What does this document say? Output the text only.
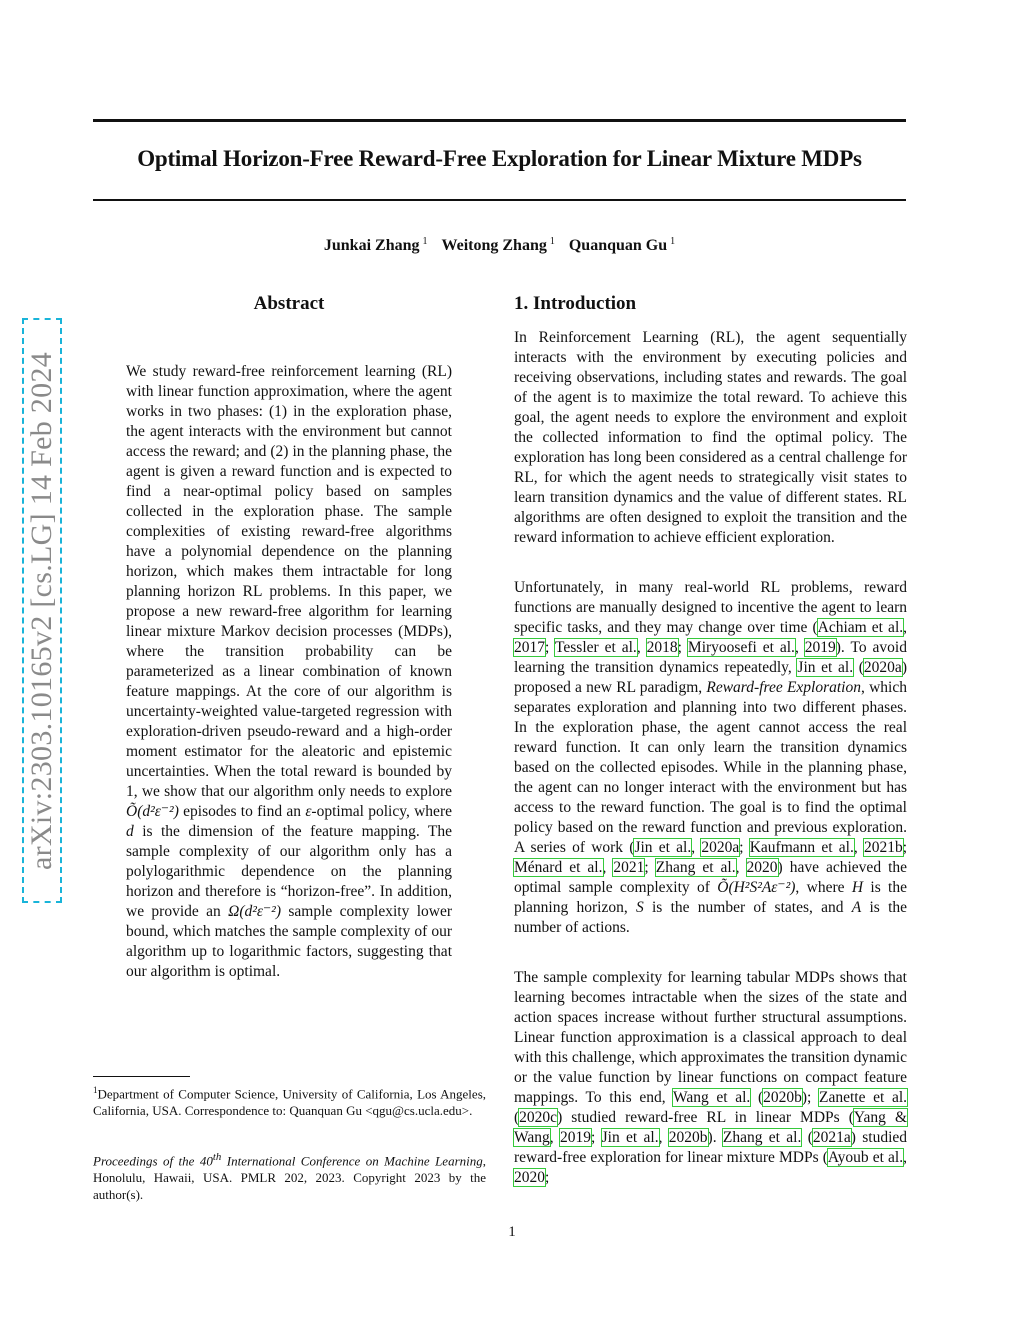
Optimal Horizon-Free Reward-Free Exploration for Linear Mixture MDPs
Junkai Zhang $^1$ Weitong Zhang $^1$ Quanquan Gu $^1$
arXiv:2303.10165v2 [cs.LG] 14 Feb 2024
Abstract

We study reward-free reinforcement learning (RL) with linear function approximation, where the agent works in two phases: (1) in the exploration phase, the agent interacts with the environment but cannot access the reward; and (2) in the planning phase, the agent is given a reward function and is expected to find a near-optimal policy based on samples collected in the exploration phase. The sample complexities of existing reward-free algorithms have a polynomial dependence on the planning horizon, which makes them intractable for long planning horizon RL problems. In this paper, we propose a new reward-free algorithm for learning linear mixture Markov decision processes (MDPs), where the transition probability can be parameterized as a linear combination of known feature mappings. At the core of our algorithm is uncertainty-weighted value-targeted regression with exploration-driven pseudo-reward and a high-order moment estimator for the aleatoric and epistemic uncertainties. When the total reward is bounded by 1, we show that our algorithm only needs to explore Õ(d²ε⁻²) episodes to find an ε-optimal policy, where d is the dimension of the feature mapping. The sample complexity of our algorithm only has a polylogarithmic dependence on the planning horizon and therefore is “horizon-free”. In addition, we provide an Ω(d²ε⁻²) sample complexity lower bound, which matches the sample complexity of our algorithm up to logarithmic factors, suggesting that our algorithm is optimal.

1. Introduction

In Reinforcement Learning (RL), the agent sequentially interacts with the environment by executing policies and receiving observations, including states and rewards. The goal of the agent is to maximize the total reward. To achieve this goal, the agent needs to explore the environment and exploit the collected information to find the optimal policy. The exploration has long been considered as a central challenge for RL, for which the agent needs to strategically visit states to learn transition dynamics and the value of different states. RL algorithms are often designed to exploit the transition and the reward information to achieve efficient exploration.

Unfortunately, in many real-world RL problems, reward functions are manually designed to incentive the agent to learn specific tasks, and they may change over time (Achiam et al., 2017; Tessler et al., 2018; Miryoosefi et al., 2019). To avoid learning the transition dynamics repeatedly, Jin et al. (2020a) proposed a new RL paradigm, Reward-free Exploration, which separates exploration and planning into two different phases. In the exploration phase, the agent cannot access the real reward function. It can only learn the transition dynamics based on the collected episodes. While in the planning phase, the agent can no longer interact with the environment but has access to the reward function. The goal is to find the optimal policy based on the reward function and previous exploration. A series of work (Jin et al., 2020a; Kaufmann et al., 2021b; Ménard et al., 2021; Zhang et al., 2020) have achieved the optimal sample complexity of Õ(H²S²Aε⁻²), where H is the planning horizon, S is the number of states, and A is the number of actions.

The sample complexity for learning tabular MDPs shows that learning becomes intractable when the sizes of the state and action spaces increase without further structural assumptions. Linear function approximation is a classical approach to deal with this challenge, which approximates the transition dynamic or the value function by linear functions on compact feature mappings. To this end, Wang et al. (2020b); Zanette et al. (2020c) studied reward-free RL in linear MDPs (Yang & Wang, 2019; Jin et al., 2020b). Zhang et al. (2021a) studied reward-free exploration for linear mixture MDPs (Ayoub et al., 2020;

$^1$Department of Computer Science, University of California, Los Angeles, California, USA. Correspondence to: Quanquan Gu <qgu@cs.ucla.edu>.

Proceedings of the 40th International Conference on Machine Learning, Honolulu, Hawaii, USA. PMLR 202, 2023. Copyright 2023 by the author(s).

1
